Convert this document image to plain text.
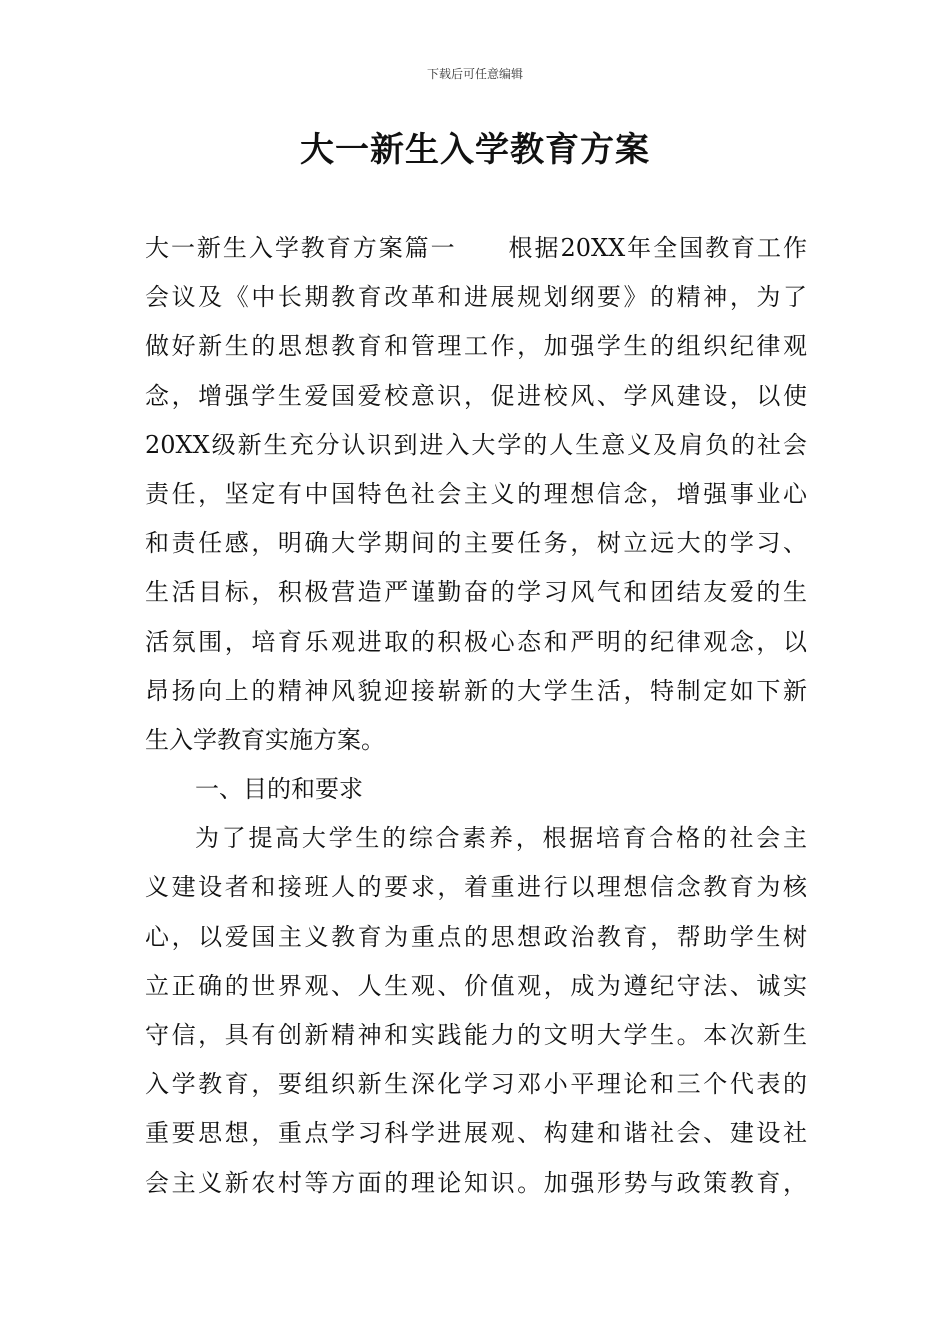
下载后可任意编辑
大一新生入学教育方案
大一新生入学教育方案篇一　　根据20XX年全国教育工作
会议及《中长期教育改革和进展规划纲要》的精神，为了
做好新生的思想教育和管理工作，加强学生的组织纪律观
念，增强学生爱国爱校意识，促进校风、学风建设，以使
20XX级新生充分认识到进入大学的人生意义及肩负的社会
责任，坚定有中国特色社会主义的理想信念，增强事业心
和责任感，明确大学期间的主要任务，树立远大的学习、
生活目标，积极营造严谨勤奋的学习风气和团结友爱的生
活氛围，培育乐观进取的积极心态和严明的纪律观念，以
昂扬向上的精神风貌迎接崭新的大学生活，特制定如下新
生入学教育实施方案。
一、目的和要求
为了提高大学生的综合素养，根据培育合格的社会主
义建设者和接班人的要求，着重进行以理想信念教育为核
心，以爱国主义教育为重点的思想政治教育，帮助学生树
立正确的世界观、人生观、价值观，成为遵纪守法、诚实
守信，具有创新精神和实践能力的文明大学生。本次新生
入学教育，要组织新生深化学习邓小平理论和三个代表的
重要思想，重点学习科学进展观、构建和谐社会、建设社
会主义新农村等方面的理论知识。加强形势与政策教育，
